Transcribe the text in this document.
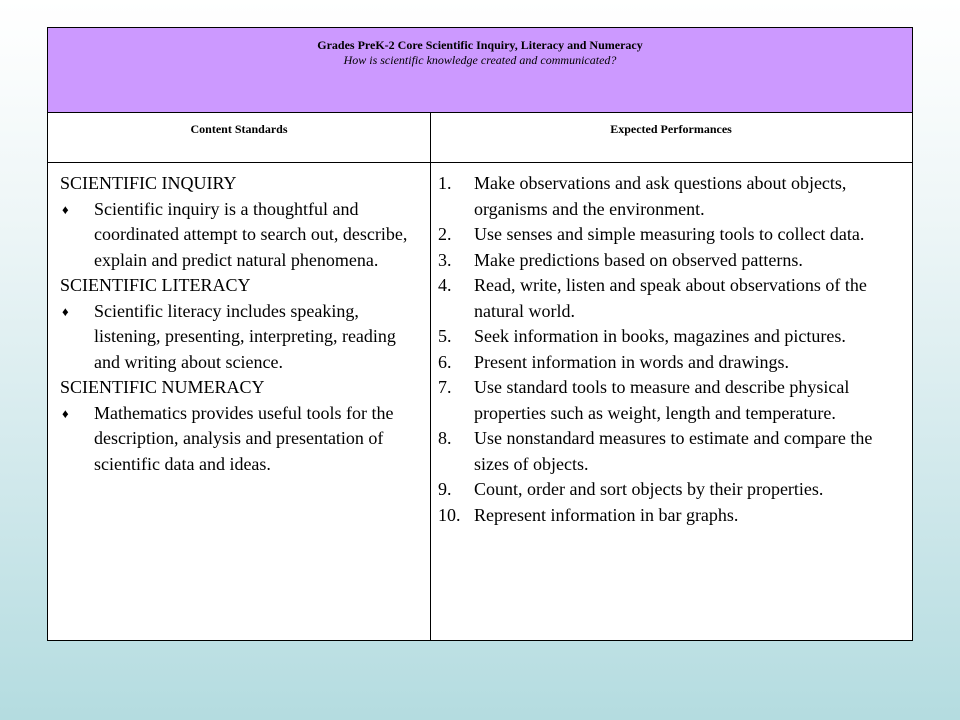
Grades PreK-2 Core Scientific Inquiry, Literacy and Numeracy
How is scientific knowledge created and communicated?
Content Standards	Expected Performances
SCIENTIFIC INQUIRY
♦ Scientific inquiry is a thoughtful and coordinated attempt to search out, describe, explain and predict natural phenomena.
SCIENTIFIC LITERACY
♦ Scientific literacy includes speaking, listening, presenting, interpreting, reading and writing about science.
SCIENTIFIC NUMERACY
♦ Mathematics provides useful tools for the description, analysis and presentation of scientific data and ideas.
1. Make observations and ask questions about objects, organisms and the environment.
2. Use senses and simple measuring tools to collect data.
3. Make predictions based on observed patterns.
4. Read, write, listen and speak about observations of the natural world.
5. Seek information in books, magazines and pictures.
6. Present information in words and drawings.
7. Use standard tools to measure and describe physical properties such as weight, length and temperature.
8. Use nonstandard measures to estimate and compare the sizes of objects.
9. Count, order and sort objects by their properties.
10. Represent information in bar graphs.
